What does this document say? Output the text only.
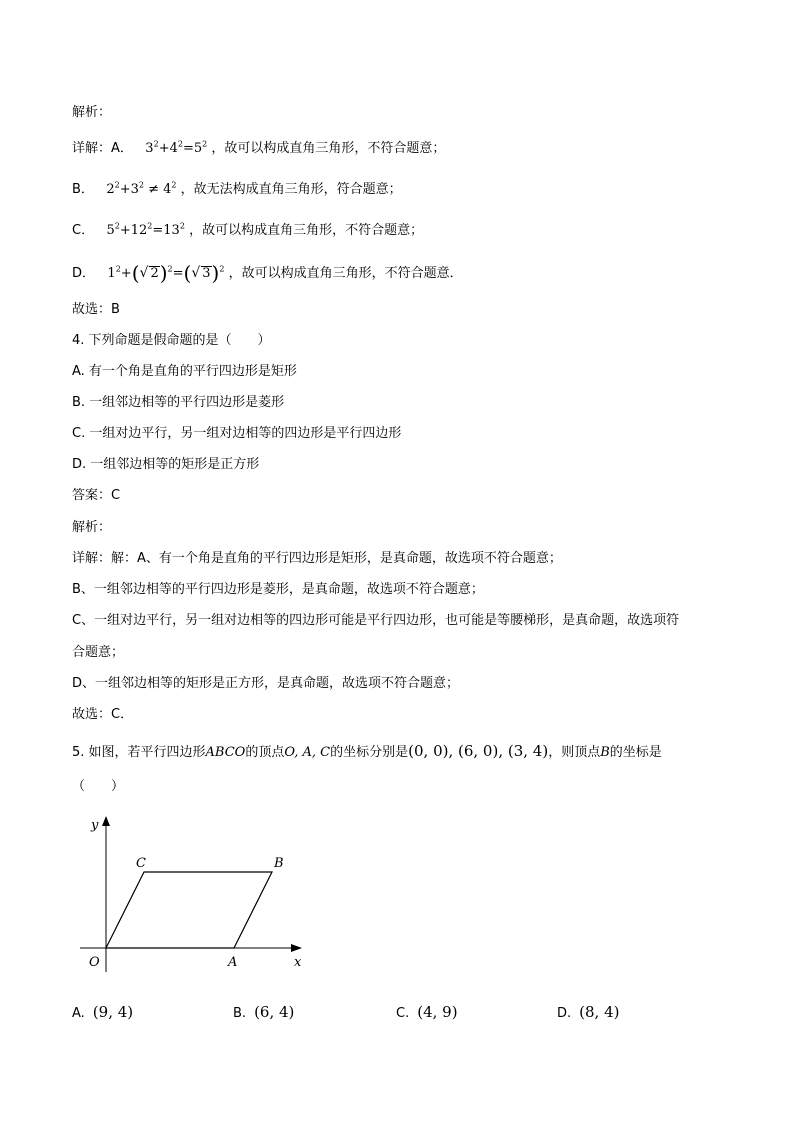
解析：
详解：A．   $3^2+4^2=5^2$ ，故可以构成直角三角形，不符合题意；
B．   $2^2+3^2 \ne 4^2$ ，故无法构成直角三角形，符合题意；
C．   $5^2+12^2=13^2$ ，故可以构成直角三角形，不符合题意；
D．   $1^2+(√$ 2)$^2$=(√ 3)$^2$ ，故可以构成直角三角形，不符合题意．
故选：B
4. 下列命题是假命题的是（　　）
A. 有一个角是直角的平行四边形是矩形
B. 一组邻边相等的平行四边形是菱形
C. 一组对边平行，另一组对边相等的四边形是平行四边形
D. 一组邻边相等的矩形是正方形
答案：C
解析：
详解：解：A、有一个角是直角的平行四边形是矩形，是真命题，故选项不符合题意；
B、一组邻边相等的平行四边形是菱形，是真命题，故选项不符合题意；
C、一组对边平行，另一组对边相等的四边形可能是平行四边形，也可能是等腰梯形，是真命题，故选项符
合题意；
D、一组邻边相等的矩形是正方形，是真命题，故选项不符合题意；
故选：C．
5. 如图，若平行四边形ABCO的顶点O, A, C的坐标分别是(0, 0), (6, 0), (3, 4)，则顶点B的坐标是
（　　）
y
x
O	A
B
C
A. (9, 4)	B. (6, 4)	C. (4, 9)	D. (8, 4)
